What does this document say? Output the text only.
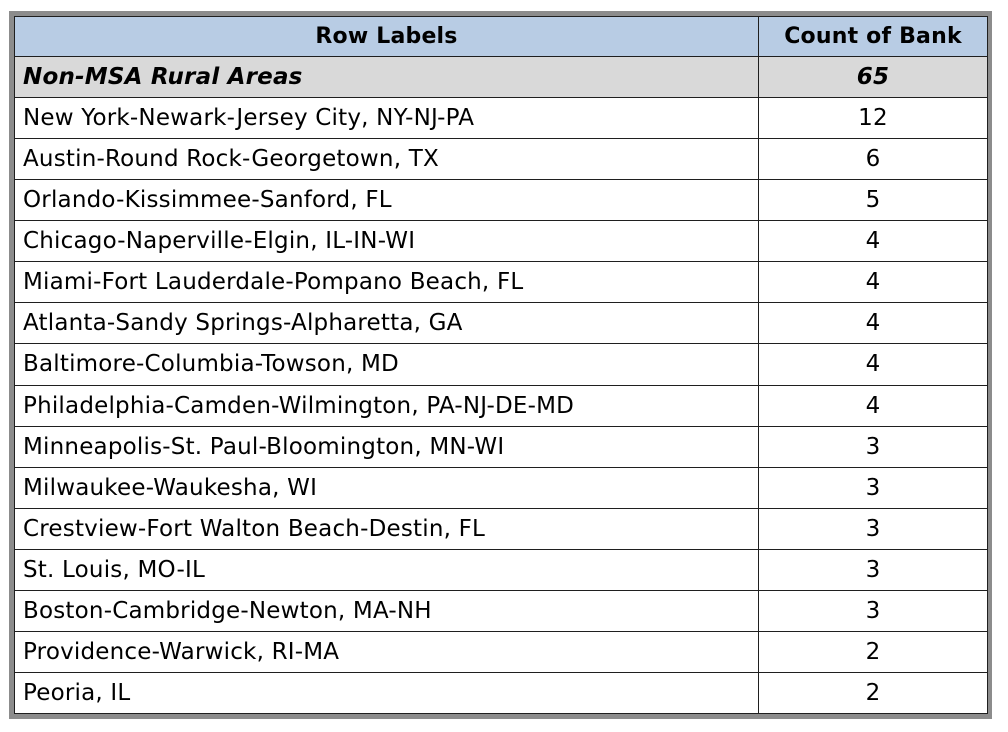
Row Labels	Count of Bank
Non-MSA Rural Areas	65
New York-Newark-Jersey City, NY-NJ-PA	12
Austin-Round Rock-Georgetown, TX	6
Orlando-Kissimmee-Sanford, FL	5
Chicago-Naperville-Elgin, IL-IN-WI	4
Miami-Fort Lauderdale-Pompano Beach, FL	4
Atlanta-Sandy Springs-Alpharetta, GA	4
Baltimore-Columbia-Towson, MD	4
Philadelphia-Camden-Wilmington, PA-NJ-DE-MD	4
Minneapolis-St. Paul-Bloomington, MN-WI	3
Milwaukee-Waukesha, WI	3
Crestview-Fort Walton Beach-Destin, FL	3
St. Louis, MO-IL	3
Boston-Cambridge-Newton, MA-NH	3
Providence-Warwick, RI-MA	2
Peoria, IL	2
